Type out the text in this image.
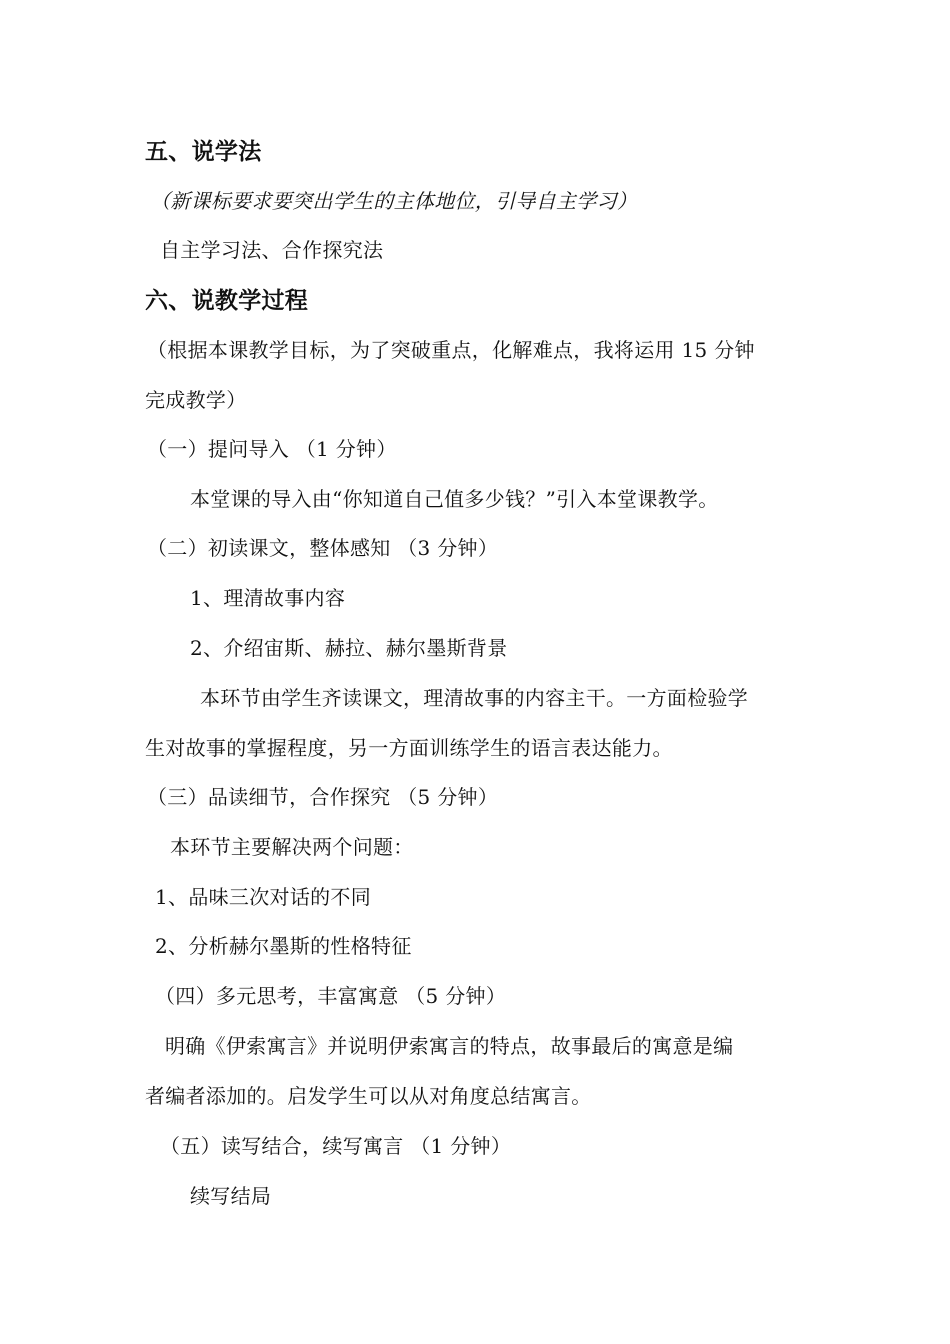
五、说学法
（新课标要求要突出学生的主体地位，引导自主学习）
自主学习法、合作探究法
六、说教学过程
（根据本课教学目标，为了突破重点，化解难点，我将运用 15 分钟
完成教学）
（一）提问导入 （1 分钟）
本堂课的导入由“你知道自己值多少钱？”引入本堂课教学。
（二）初读课文，整体感知 （3 分钟）
1、理清故事内容
2、介绍宙斯、赫拉、赫尔墨斯背景
本环节由学生齐读课文，理清故事的内容主干。一方面检验学
生对故事的掌握程度，另一方面训练学生的语言表达能力。
（三）品读细节，合作探究 （5 分钟）
本环节主要解决两个问题：
1、品味三次对话的不同
2、分析赫尔墨斯的性格特征
（四）多元思考，丰富寓意 （5 分钟）
明确《伊索寓言》并说明伊索寓言的特点，故事最后的寓意是编
者编者添加的。启发学生可以从对角度总结寓言。
（五）读写结合，续写寓言 （1 分钟）
续写结局
